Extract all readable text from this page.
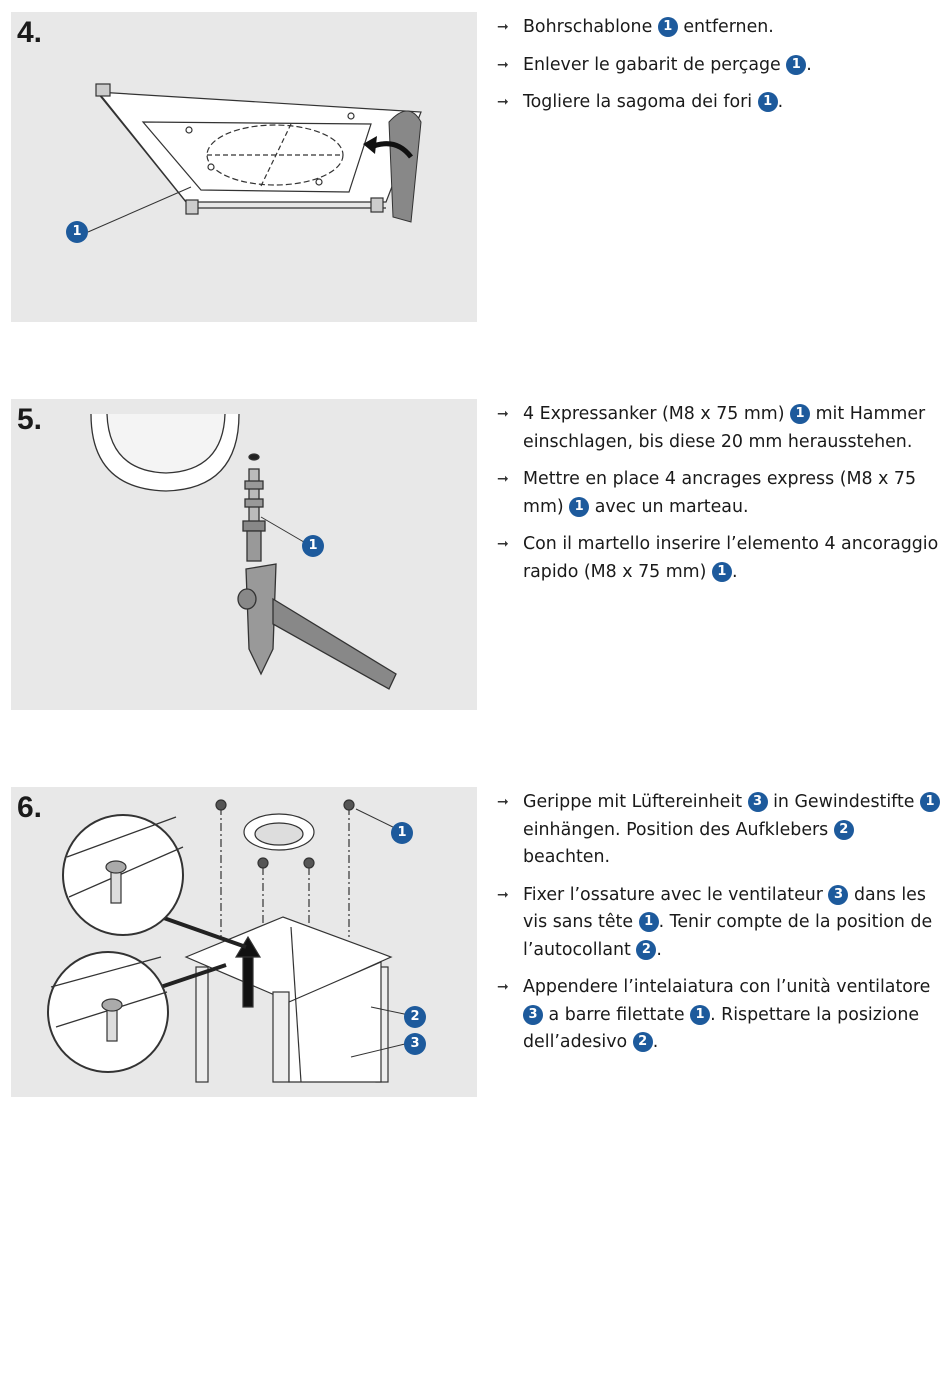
4.
1
➞ Bohrschablone 1 entfernen.
➞ Enlever le gabarit de perçage 1 .
➞ Togliere la sagoma dei fori 1 .
5.
1
➞ 4 Expressanker (M8 x 75 mm) 1 mit Hammer einschlagen, bis diese 20 mm herausstehen.
➞ Mettre en place 4 ancrages express (M8 x 75 mm) 1 avec un marteau.
➞ Con il martello inserire l’elemento 4 ancoraggio rapido (M8 x 75 mm) 1 .
6.
1
2
3
➞ Gerippe mit Lüftereinheit 3 in Gewindestifte 1 einhängen. Position des Aufklebers 2 beachten.
➞ Fixer l’ossature avec le ventilateur 3 dans les vis sans tête 1 . Tenir compte de la position de l’autocollant 2 .
➞ Appendere l’intelaiatura con l’unità ventilatore 3 a barre filettate 1 . Rispettare la posizione dell’adesivo 2 .
